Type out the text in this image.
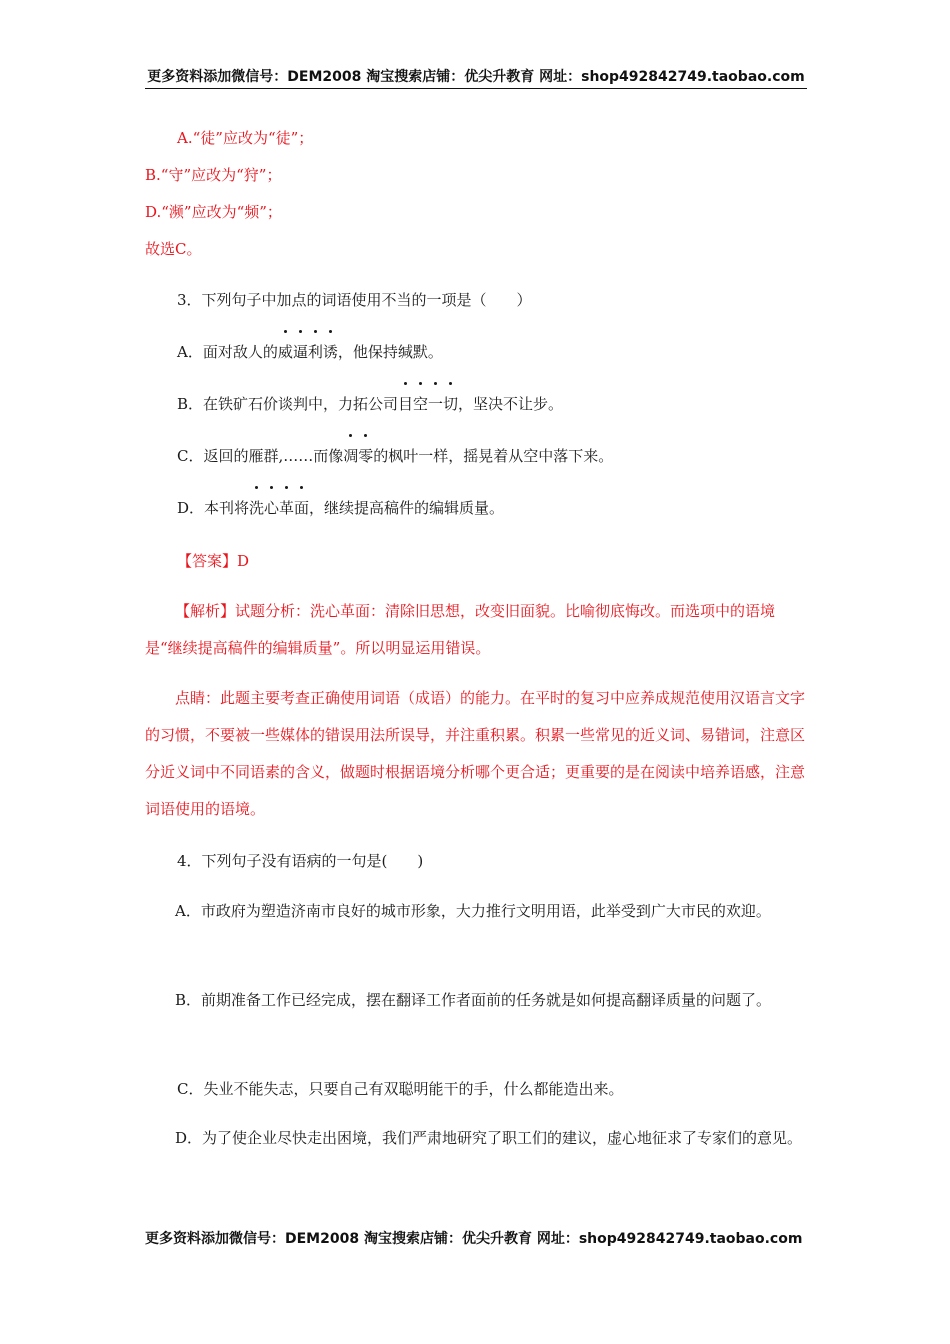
更多资料添加微信号：DEM2008 淘宝搜索店铺：优尖升教育 网址：shop492842749.taobao.com
A.“徒”应改为“徒”；
B.“守”应改为“狩”；
D.“濒”应改为“频”；
故选C。
3．下列句子中加点的词语使用不当的一项是（　　）
A．面对敌人的
威逼利诱，他保持缄默。
B．在铁矿石价谈判中，力拓公司
目空一切，坚决不让步。
C．返回的雁群,……而像
凋零的枫叶一样，摇晃着从空中落下来。
D．本刊将
洗心革面，继续提高稿件的编辑质量。
【答案】D
【解析】试题分析：洗心革面：清除旧思想，改变旧面貌。比喻彻底悔改。而选项中的语境是“继续提高稿件的编辑质量”。所以明显运用错误。
点睛：此题主要考查正确使用词语（成语）的能力。在平时的复习中应养成规范使用汉语言文字的习惯，不要被一些媒体的错误用法所误导，并注重积累。积累一些常见的近义词、易错词，注意区分近义词中不同语素的含义，做题时根据语境分析哪个更合适；更重要的是在阅读中培养语感，注意词语使用的语境。
4．下列句子没有语病的一句是(　　)
A．市政府为塑造济南市良好的城市形象，大力推行文明用语，此举受到广大市民的欢迎。
B．前期准备工作已经完成，摆在翻译工作者面前的任务就是如何提高翻译质量的问题了。
C．失业不能失志，只要自己有双聪明能干的手，什么都能造出来。
D．为了使企业尽快走出困境，我们严肃地研究了职工们的建议，虚心地征求了专家们的意见。
更多资料添加微信号：DEM2008 淘宝搜索店铺：优尖升教育 网址：shop492842749.taobao.com
